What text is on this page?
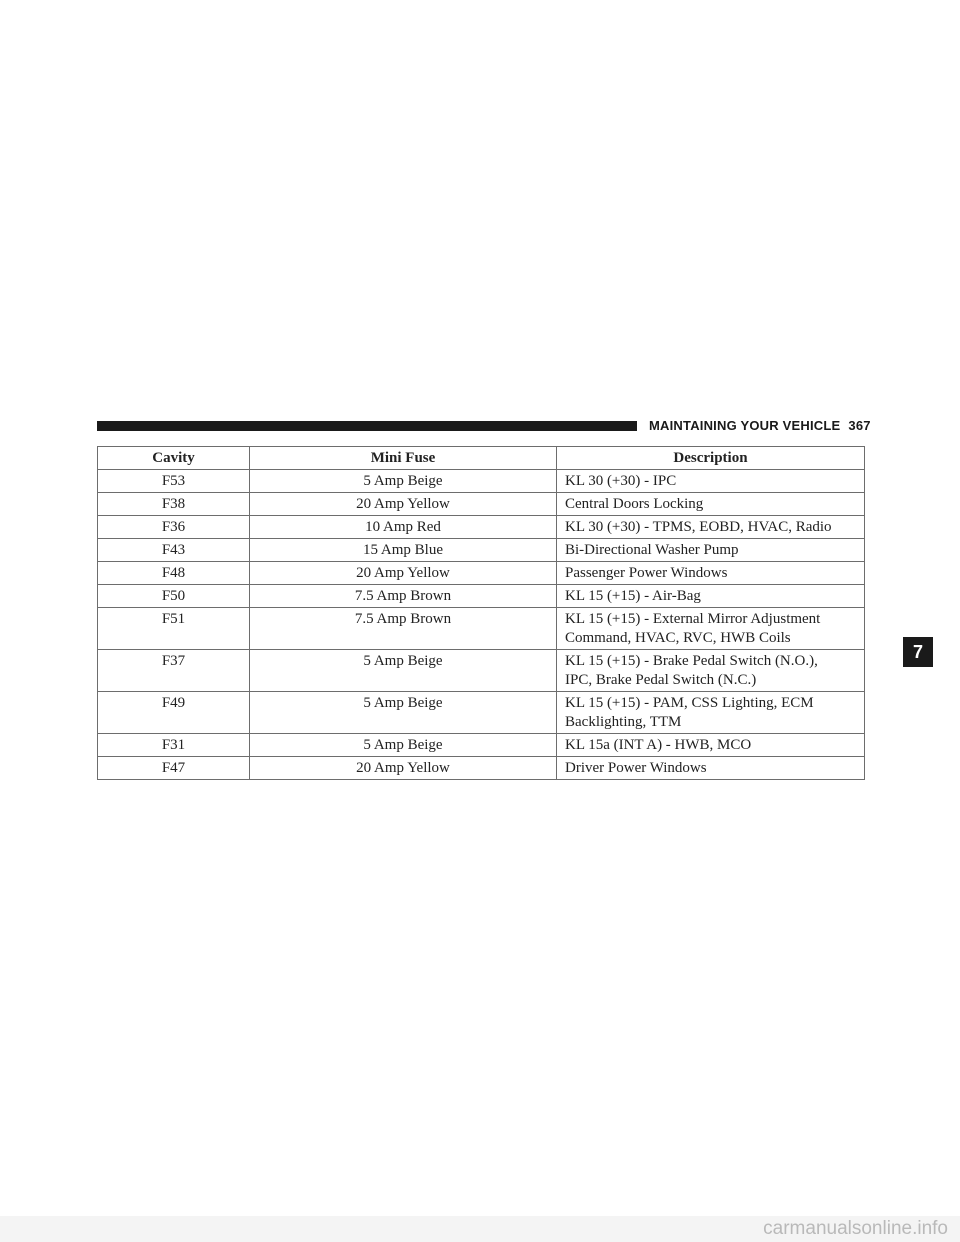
MAINTAINING YOUR VEHICLE 367
Cavity	Mini Fuse	Description
F53	5 Amp Beige	KL 30 (+30) - IPC

F38	20 Amp Yellow	Central Doors Locking

F36	10 Amp Red	KL 30 (+30) - TPMS, EOBD, HVAC, Radio

F43	15 Amp Blue	Bi-Directional Washer Pump

F48	20 Amp Yellow	Passenger Power Windows

F50	7.5 Amp Brown	KL 15 (+15) - Air-Bag

F51	7.5 Amp Brown	KL 15 (+15) - External Mirror Adjustment
Command, HVAC, RVC, HWB Coils

F37	5 Amp Beige	KL 15 (+15) - Brake Pedal Switch (N.O.),
IPC, Brake Pedal Switch (N.C.)

F49	5 Amp Beige	KL 15 (+15) - PAM, CSS Lighting, ECM
Backlighting, TTM

F31	5 Amp Beige	KL 15a (INT A) - HWB, MCO

F47	20 Amp Yellow	Driver Power Windows
7
carmanualsonline.info
